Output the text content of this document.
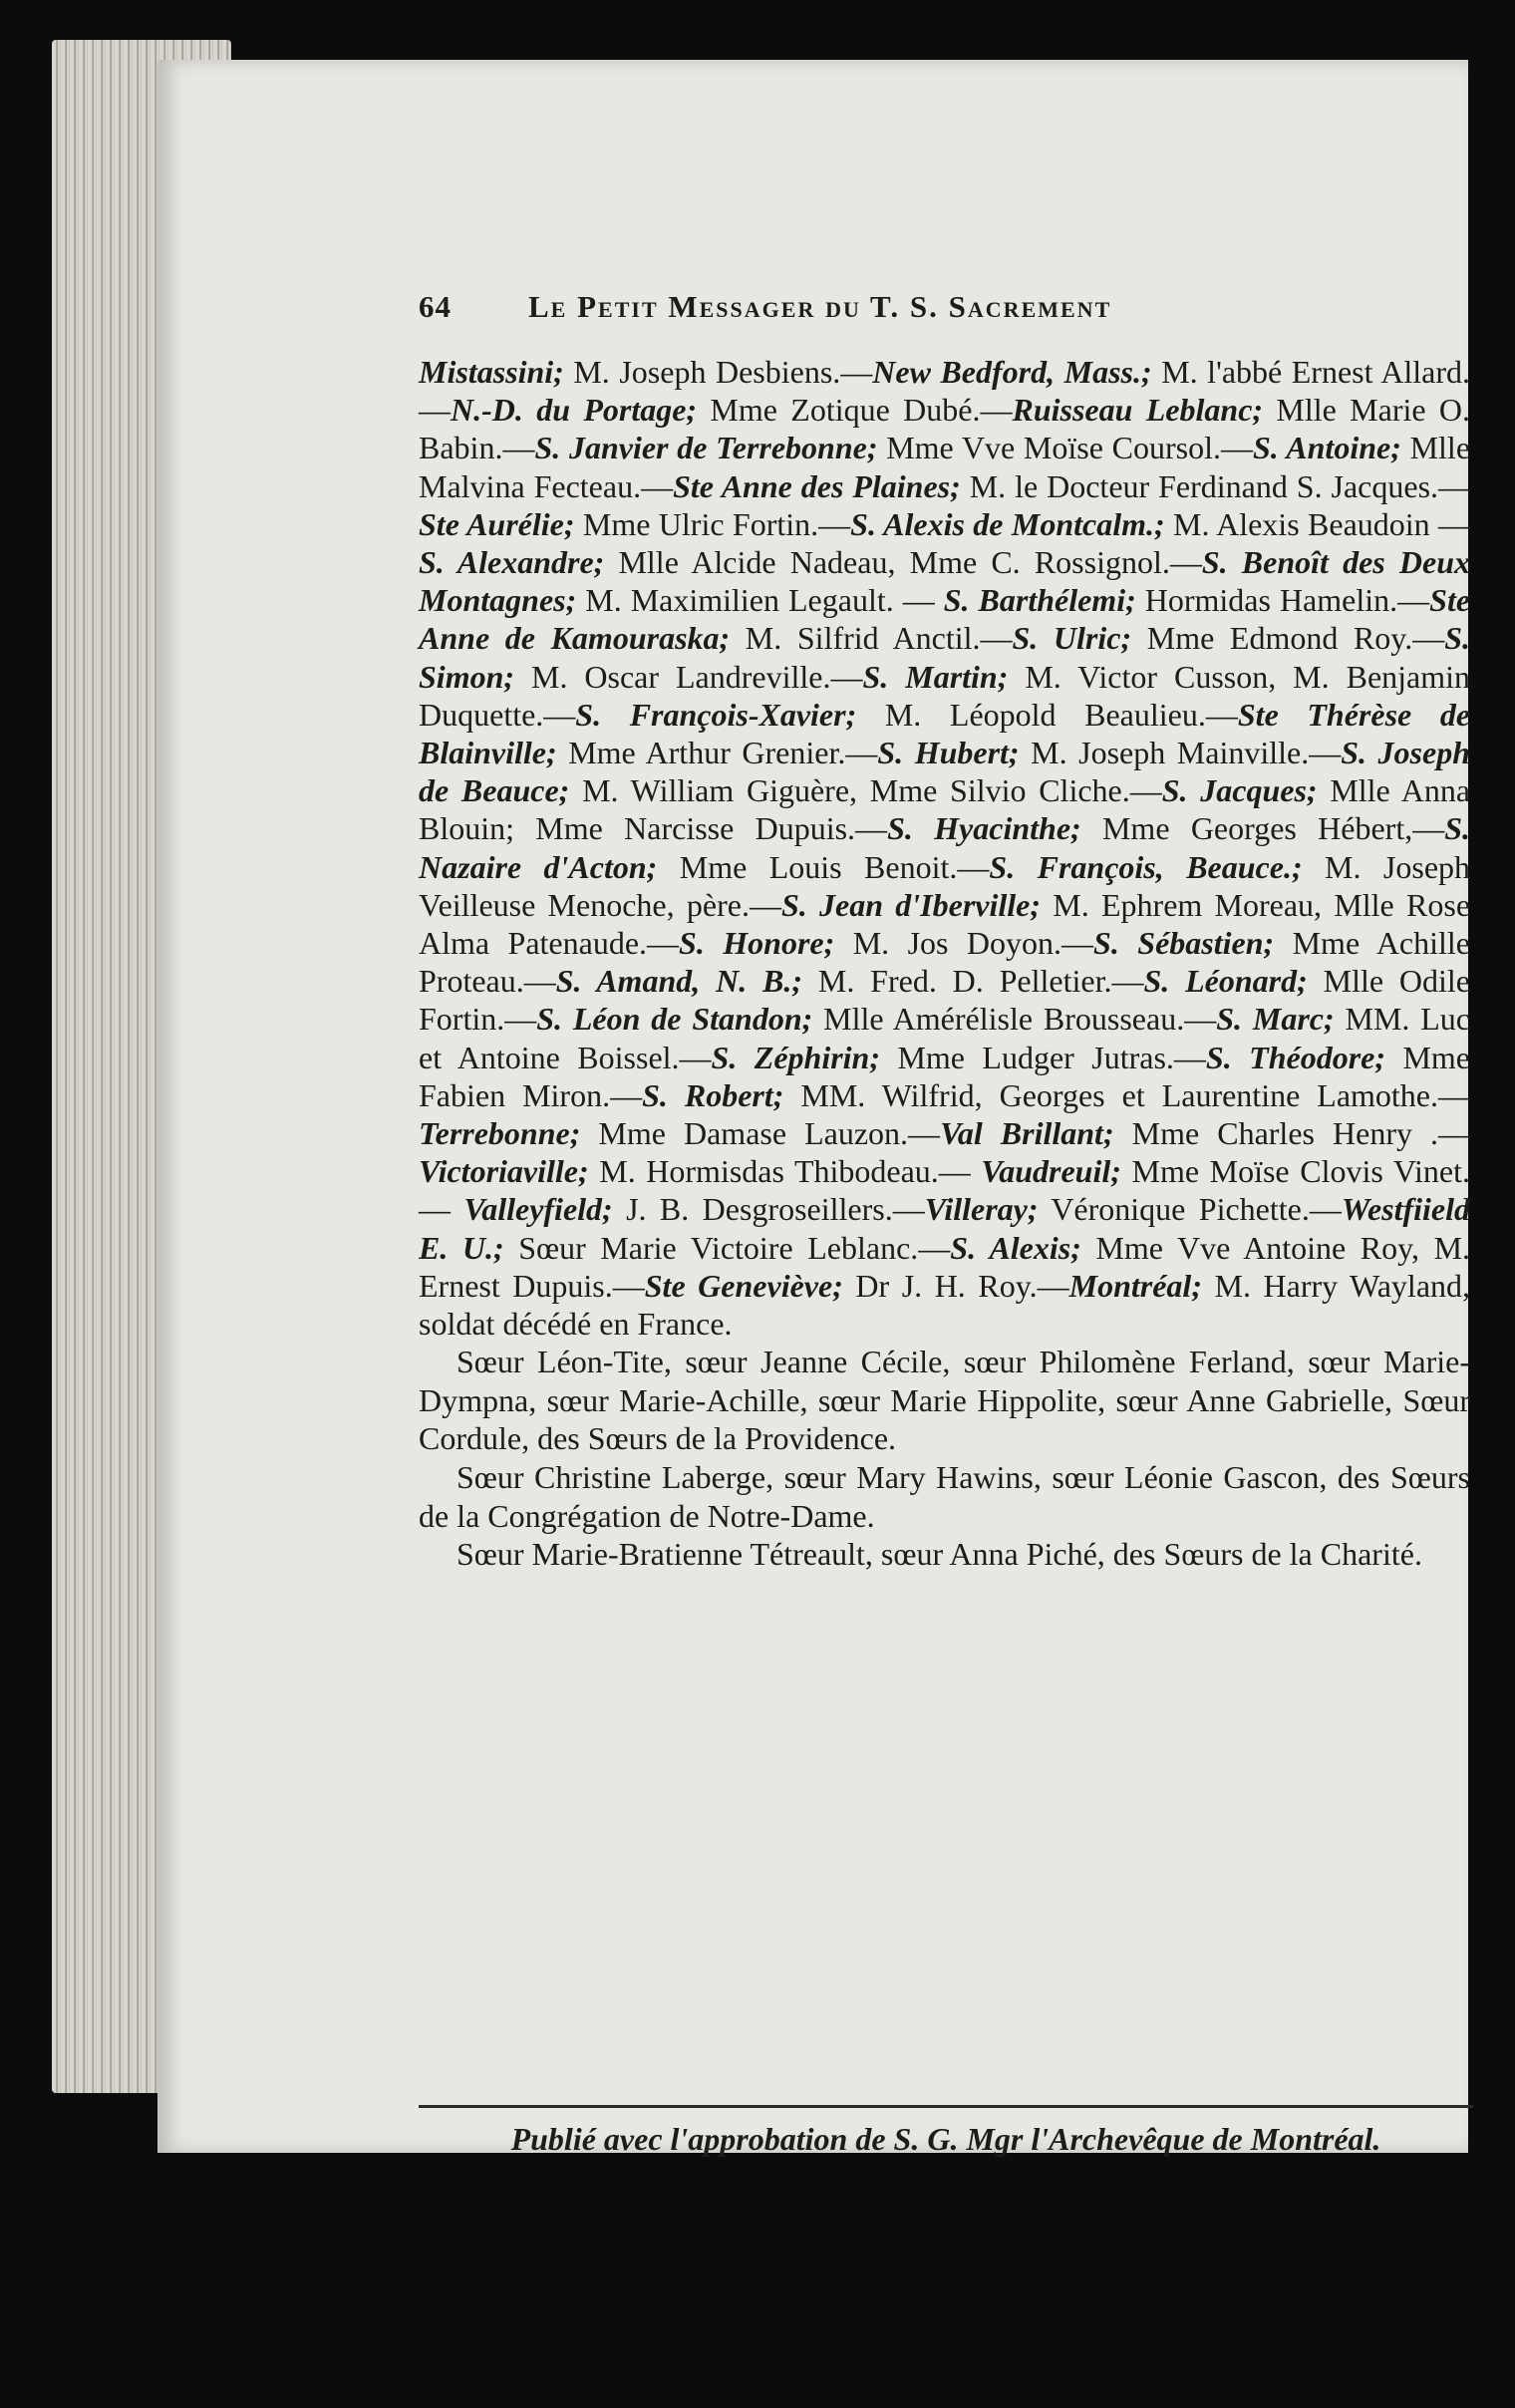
64	Le Petit Messager du T. S. Sacrement

Mistassini; M. Joseph Desbiens.—New Bedford, Mass.; M. l'abbé Ernest Allard.—N.-D. du Portage; Mme Zotique Dubé.—Ruisseau Leblanc; Mlle Marie O. Babin.—S. Janvier de Terrebonne; Mme Vve Moïse Coursol.—S. Antoine; Mlle Malvina Fecteau.—Ste Anne des Plaines; M. le Docteur Ferdinand S. Jacques.—Ste Aurélie; Mme Ulric Fortin.—S. Alexis de Montcalm.; M. Alexis Beaudoin —S. Alexandre; Mlle Alcide Nadeau, Mme C. Rossignol.—S. Benoît des Deux Montagnes; M. Maximilien Legault. — S. Barthélemi; Hormidas Hamelin.—Ste Anne de Kamouraska; M. Silfrid Anctil.—S. Ulric; Mme Edmond Roy.—S. Simon; M. Oscar Landreville.—S. Martin; M. Victor Cusson, M. Benjamin Duquette.—S. François-Xavier; M. Léopold Beaulieu.—Ste Thérèse de Blainville; Mme Arthur Grenier.—S. Hubert; M. Joseph Mainville.—S. Joseph de Beauce; M. William Giguère, Mme Silvio Cliche.—S. Jacques; Mlle Anna Blouin; Mme Narcisse Dupuis.—S. Hyacinthe; Mme Georges Hébert,—S. Nazaire d'Acton; Mme Louis Benoit.—S. François, Beauce.; M. Joseph Veilleuse Menoche, père.—S. Jean d'Iberville; M. Ephrem Moreau, Mlle Rose Alma Patenaude.—S. Honore; M. Jos Doyon.—S. Sébastien; Mme Achille Proteau.—S. Amand, N. B.; M. Fred. D. Pelletier.—S. Léonard; Mlle Odile Fortin.—S. Léon de Standon; Mlle Amérélisle Brousseau.—S. Marc; MM. Luc et Antoine Boissel.—S. Zéphirin; Mme Ludger Jutras.—S. Théodore; Mme Fabien Miron.—S. Robert; MM. Wilfrid, Georges et Laurentine Lamothe.—Terrebonne; Mme Damase Lauzon.—Val Brillant; Mme Charles Henry .—Victoriaville; M. Hormisdas Thibodeau.— Vaudreuil; Mme Moïse Clovis Vinet.— Valleyfield; J. B. Desgroseillers.—Villeray; Véronique Pichette.—Westfiield E. U.; Sœur Marie Victoire Leblanc.—S. Alexis; Mme Vve Antoine Roy, M. Ernest Dupuis.—Ste Geneviève; Dr J. H. Roy.—Montréal; M. Harry Wayland, soldat décédé en France.

Sœur Léon-Tite, sœur Jeanne Cécile, sœur Philomène Ferland, sœur Marie-Dympna, sœur Marie-Achille, sœur Marie Hippolite, sœur Anne Gabrielle, Sœur Cordule, des Sœurs de la Providence.

Sœur Christine Laberge, sœur Mary Hawins, sœur Léonie Gascon, des Sœurs de la Congrégation de Notre-Dame.

Sœur Marie-Bratienne Tétreault, sœur Anna Piché, des Sœurs de la Charité.

Publié avec l'approbation de S. G. Mgr l'Archevêque de Montréal.
